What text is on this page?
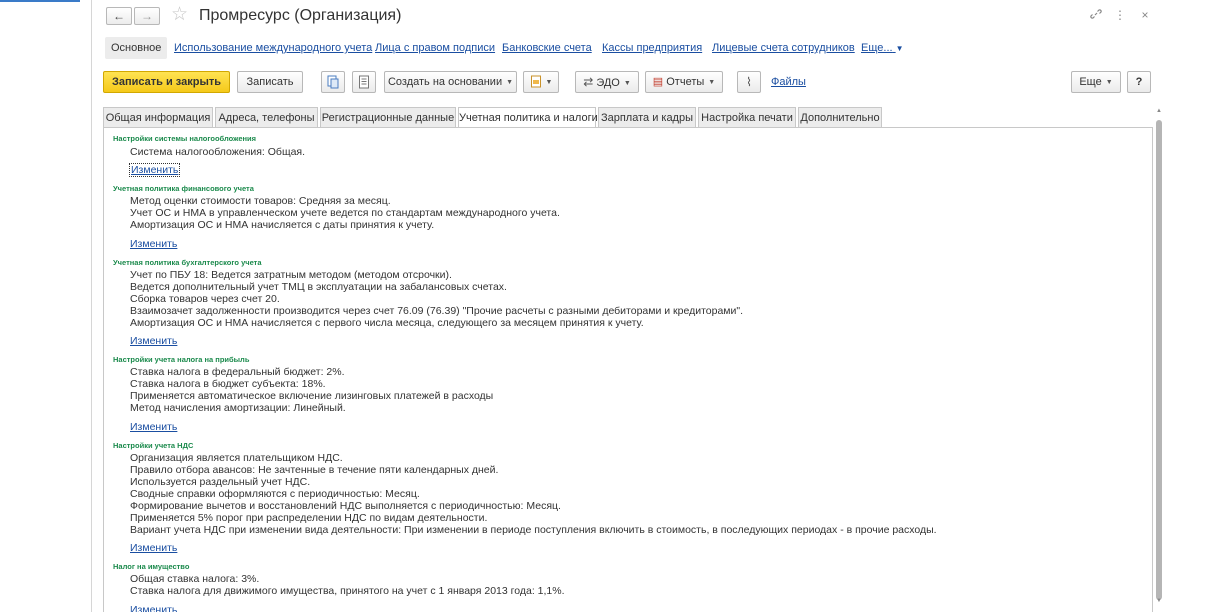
←	→ ☆ Промресурс (Организация)	⋮	×
Основное	Использование международного учета Лица с правом подписи Банковские счета Кассы предприятия Лицевые счета сотрудников Еще... ▼
Записать и закрыть	Записать	Создать на основании ▼	▼	⇄ ЭДО ▼	▤ Отчеты ▼	⌇	Файлы	Еще ▼	?
Общая информация Адреса, телефоны Регистрационные данные Учетная политика и налоги Зарплата и кадры Настройка печати Дополнительно
Настройки системы налогообложения
Система налогообложения: Общая.
Изменить
Учетная политика финансового учета
Метод оценки стоимости товаров: Средняя за месяц.
Учет ОС и НМА в управленческом учете ведется по стандартам международного учета.
Амортизация ОС и НМА начисляется с даты принятия к учету.
Изменить
Учетная политика бухгалтерского учета
Учет по ПБУ 18: Ведется затратным методом (методом отсрочки).
Ведется дополнительный учет ТМЦ в эксплуатации на забалансовых счетах.
Сборка товаров через счет 20.
Взаимозачет задолженности производится через счет 76.09 (76.39) "Прочие расчеты с разными дебиторами и кредиторами".
Амортизация ОС и НМА начисляется с первого числа месяца, следующего за месяцем принятия к учету.
Изменить
Настройки учета налога на прибыль
Ставка налога в федеральный бюджет: 2%.
Ставка налога в бюджет субъекта: 18%.
Применяется автоматическое включение лизинговых платежей в расходы
Метод начисления амортизации: Линейный.
Изменить
Настройки учета НДС
Организация является плательщиком НДС.
Правило отбора авансов: Не зачтенные в течение пяти календарных дней.
Используется раздельный учет НДС.
Сводные справки оформляются с периодичностью: Месяц.
Формирование вычетов и восстановлений НДС выполняется с периодичностью: Месяц.
Применяется 5% порог при распределении НДС по видам деятельности.
Вариант учета НДС при изменении вида деятельности: При изменении в периоде поступления включить в стоимость, в последующих периодах - в прочие расходы.
Изменить
Налог на имущество
Общая ставка налога: 3%.
Ставка налога для движимого имущества, принятого на учет с 1 января 2013 года: 1,1%.
Изменить
▲
▼
